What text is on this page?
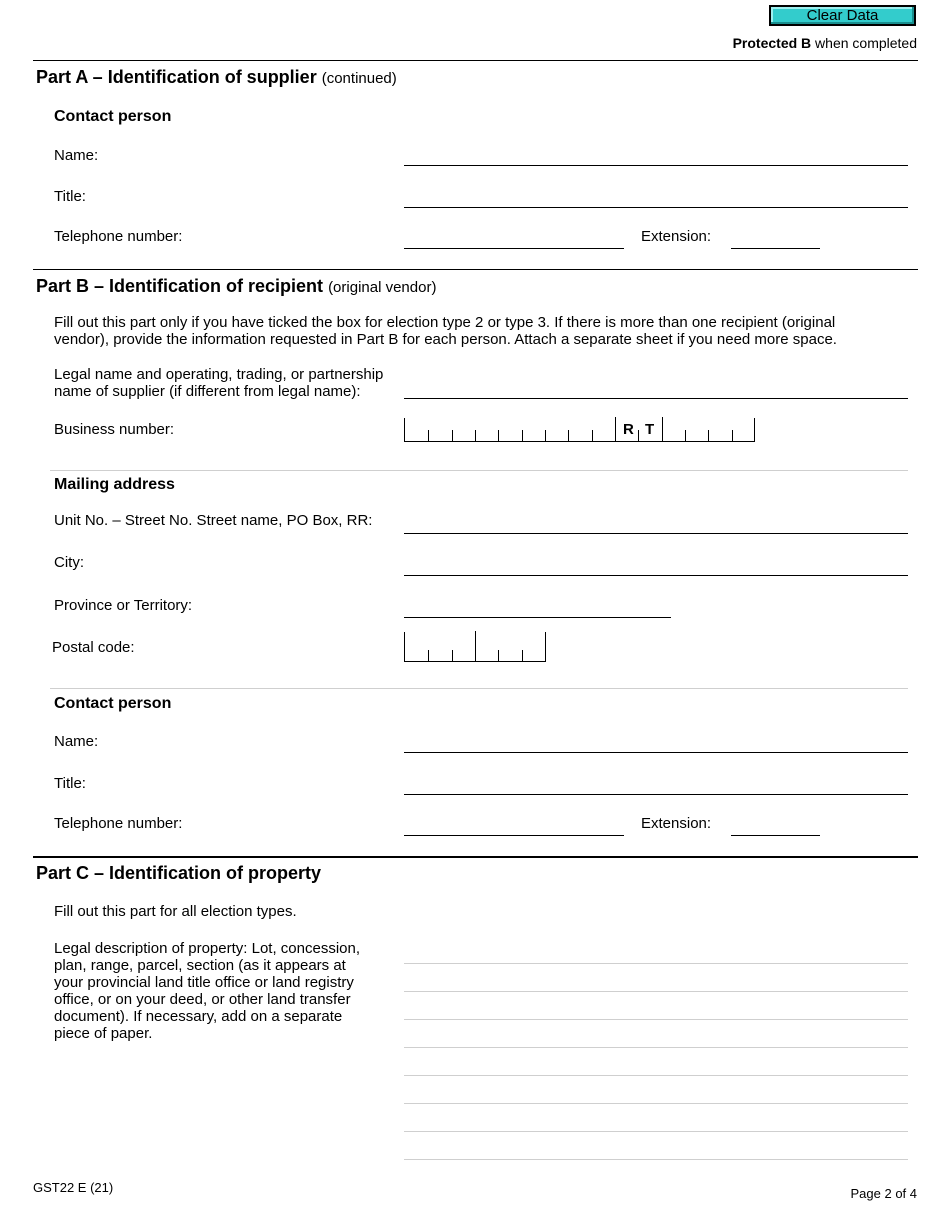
Clear Data
Protected B when completed
Part A – Identification of supplier (continued)
Contact person
Name:
Title:
Telephone number:	Extension:
Part B – Identification of recipient (original vendor)
Fill out this part only if you have ticked the box for election type 2 or type 3. If there is more than one recipient (original vendor), provide the information requested in Part B for each person. Attach a separate sheet if you need more space.
Legal name and operating, trading, or partnership
name of supplier (if different from legal name):
Business number:	R T
Mailing address
Unit No. – Street No. Street name, PO Box, RR:
City:
Province or Territory:
Postal code:
Contact person
Name:
Title:
Telephone number:	Extension:
Part C – Identification of property
Fill out this part for all election types.
Legal description of property: Lot, concession, plan, range, parcel, section (as it appears at your provincial land title office or land registry office, or on your deed, or other land transfer document). If necessary, add on a separate piece of paper.
GST22 E (21)	Page 2 of 4
